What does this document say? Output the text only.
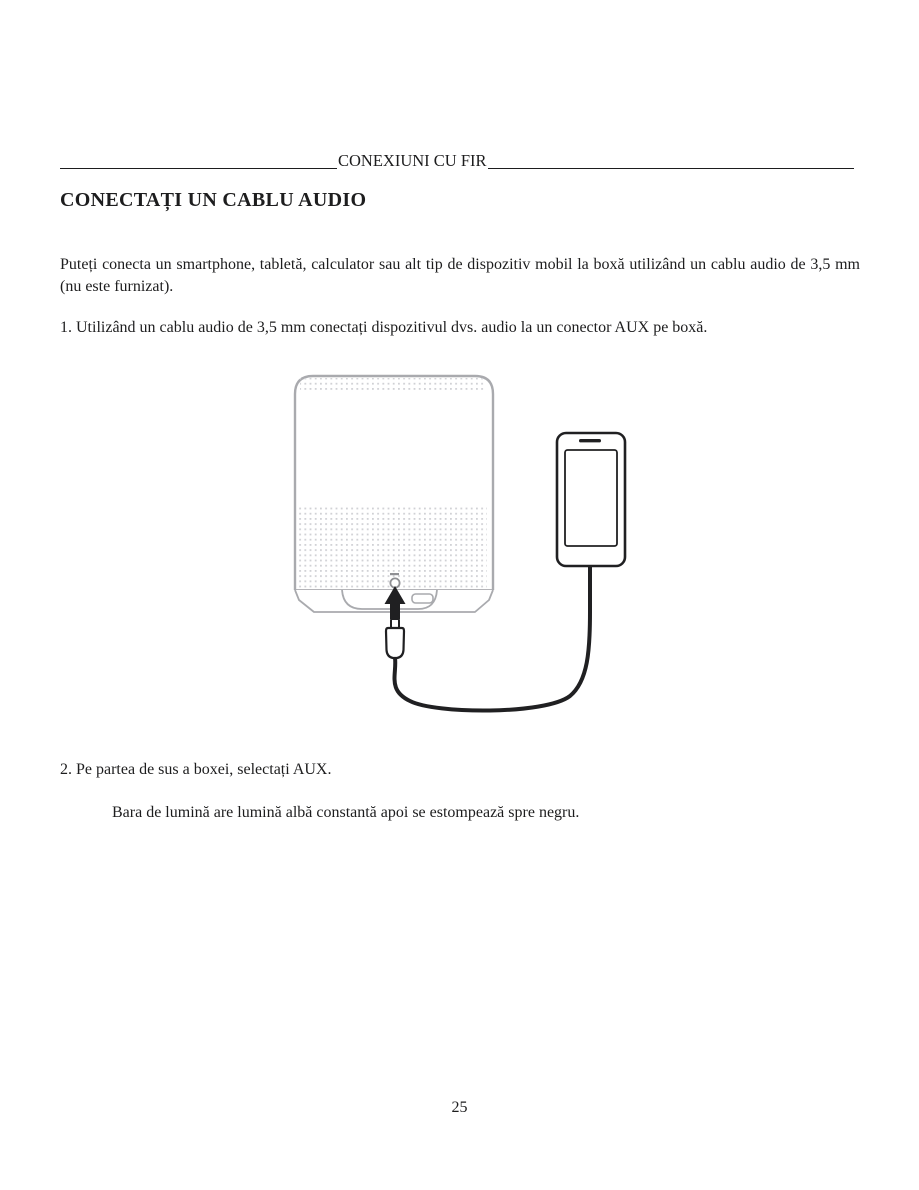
CONEXIUNI CU FIR
CONECTAȚI UN CABLU AUDIO

Puteți conecta un smartphone, tabletă, calculator sau alt tip de dispozitiv mobil la boxă utilizând un cablu audio de 3,5 mm (nu este furnizat).

1. Utilizând un cablu audio de 3,5 mm conectați dispozitivul dvs. audio la un conector AUX pe boxă.

2. Pe partea de sus a boxei, selectați AUX.

Bara de lumină are lumină albă constantă apoi se estompează spre negru.

25
